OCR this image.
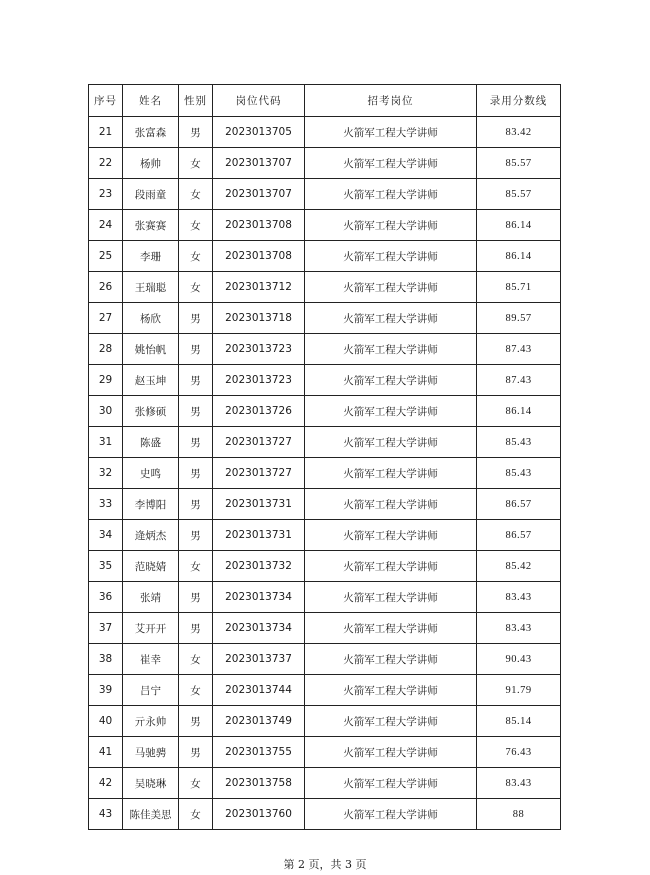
序号	姓名	性别	岗位代码	招考岗位	录用分数线
21	张富森	男	2023013705	火箭军工程大学讲师	83.42
22	杨帅	女	2023013707	火箭军工程大学讲师	85.57
23	段雨童	女	2023013707	火箭军工程大学讲师	85.57
24	张赛赛	女	2023013708	火箭军工程大学讲师	86.14
25	李珊	女	2023013708	火箭军工程大学讲师	86.14
26	王瑞聪	女	2023013712	火箭军工程大学讲师	85.71
27	杨欣	男	2023013718	火箭军工程大学讲师	89.57
28	姚怡帆	男	2023013723	火箭军工程大学讲师	87.43
29	赵玉坤	男	2023013723	火箭军工程大学讲师	87.43
30	张修硕	男	2023013726	火箭军工程大学讲师	86.14
31	陈盛	男	2023013727	火箭军工程大学讲师	85.43
32	史鸣	男	2023013727	火箭军工程大学讲师	85.43
33	李博阳	男	2023013731	火箭军工程大学讲师	86.57
34	逄炳杰	男	2023013731	火箭军工程大学讲师	86.57
35	范晓婧	女	2023013732	火箭军工程大学讲师	85.42
36	张靖	男	2023013734	火箭军工程大学讲师	83.43
37	艾开开	男	2023013734	火箭军工程大学讲师	83.43
38	崔幸	女	2023013737	火箭军工程大学讲师	90.43
39	吕宁	女	2023013744	火箭军工程大学讲师	91.79
40	亓永帅	男	2023013749	火箭军工程大学讲师	85.14
41	马驰骋	男	2023013755	火箭军工程大学讲师	76.43
42	吴晓琳	女	2023013758	火箭军工程大学讲师	83.43
43	陈佳美思	女	2023013760	火箭军工程大学讲师	88
第 2 页，共 3 页
